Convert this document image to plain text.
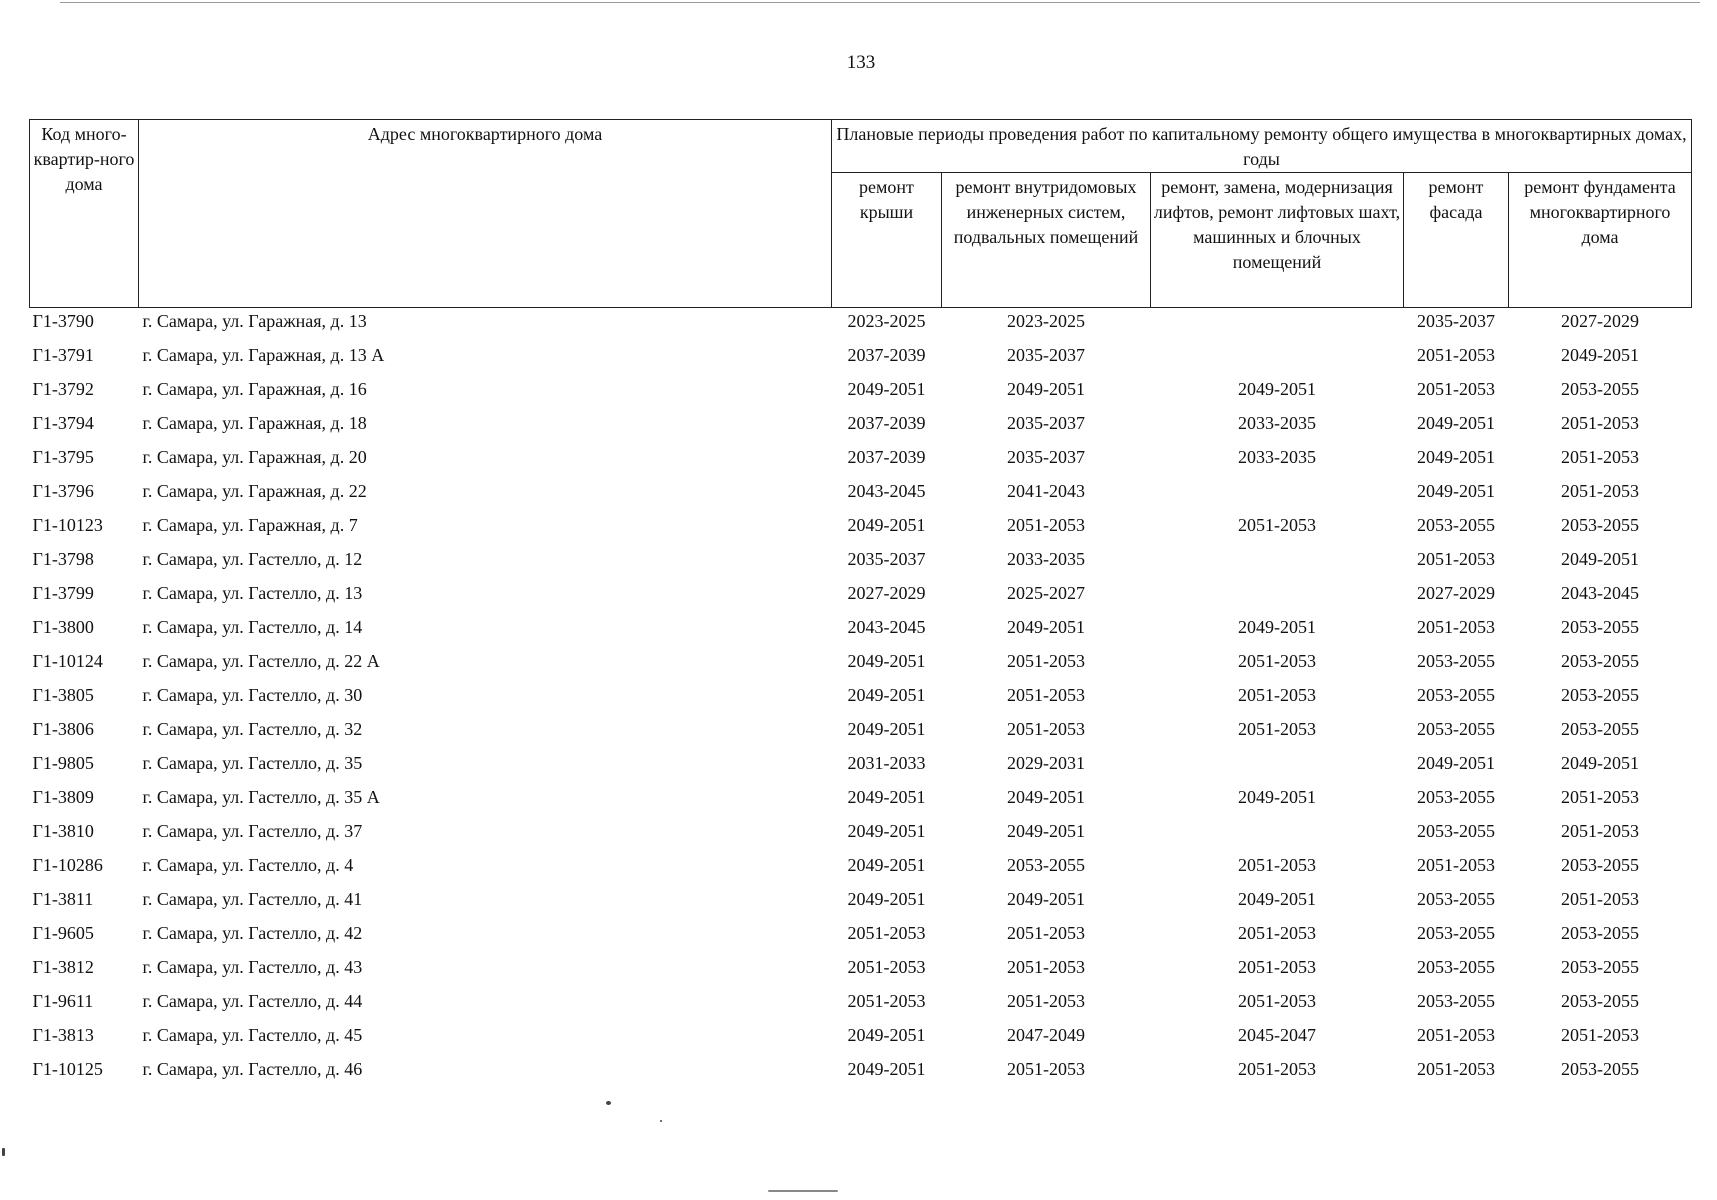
133
Код много-квартир-ного дома	Адрес многоквартирного дома	Плановые периоды проведения работ по капитальному ремонту общего имущества в многоквартирных домах, годы				
		ремонт крыши	ремонт внутридомовых инженерных систем, подвальных помещений	ремонт, замена, модернизация лифтов, ремонт лифтовых шахт, машинных и блочных помещений	ремонт фасада	ремонт фундамента многоквартирного дома
Г1-3790	г. Самара, ул. Гаражная, д. 13	2023-2025	2023-2025		2035-2037	2027-2029
Г1-3791	г. Самара, ул. Гаражная, д. 13 А	2037-2039	2035-2037		2051-2053	2049-2051
Г1-3792	г. Самара, ул. Гаражная, д. 16	2049-2051	2049-2051	2049-2051	2051-2053	2053-2055
Г1-3794	г. Самара, ул. Гаражная, д. 18	2037-2039	2035-2037	2033-2035	2049-2051	2051-2053
Г1-3795	г. Самара, ул. Гаражная, д. 20	2037-2039	2035-2037	2033-2035	2049-2051	2051-2053
Г1-3796	г. Самара, ул. Гаражная, д. 22	2043-2045	2041-2043		2049-2051	2051-2053
Г1-10123	г. Самара, ул. Гаражная, д. 7	2049-2051	2051-2053	2051-2053	2053-2055	2053-2055
Г1-3798	г. Самара, ул. Гастелло, д. 12	2035-2037	2033-2035		2051-2053	2049-2051
Г1-3799	г. Самара, ул. Гастелло, д. 13	2027-2029	2025-2027		2027-2029	2043-2045
Г1-3800	г. Самара, ул. Гастелло, д. 14	2043-2045	2049-2051	2049-2051	2051-2053	2053-2055
Г1-10124	г. Самара, ул. Гастелло, д. 22 А	2049-2051	2051-2053	2051-2053	2053-2055	2053-2055
Г1-3805	г. Самара, ул. Гастелло, д. 30	2049-2051	2051-2053	2051-2053	2053-2055	2053-2055
Г1-3806	г. Самара, ул. Гастелло, д. 32	2049-2051	2051-2053	2051-2053	2053-2055	2053-2055
Г1-9805	г. Самара, ул. Гастелло, д. 35	2031-2033	2029-2031		2049-2051	2049-2051
Г1-3809	г. Самара, ул. Гастелло, д. 35 А	2049-2051	2049-2051	2049-2051	2053-2055	2051-2053
Г1-3810	г. Самара, ул. Гастелло, д. 37	2049-2051	2049-2051		2053-2055	2051-2053
Г1-10286	г. Самара, ул. Гастелло, д. 4	2049-2051	2053-2055	2051-2053	2051-2053	2053-2055
Г1-3811	г. Самара, ул. Гастелло, д. 41	2049-2051	2049-2051	2049-2051	2053-2055	2051-2053
Г1-9605	г. Самара, ул. Гастелло, д. 42	2051-2053	2051-2053	2051-2053	2053-2055	2053-2055
Г1-3812	г. Самара, ул. Гастелло, д. 43	2051-2053	2051-2053	2051-2053	2053-2055	2053-2055
Г1-9611	г. Самара, ул. Гастелло, д. 44	2051-2053	2051-2053	2051-2053	2053-2055	2053-2055
Г1-3813	г. Самара, ул. Гастелло, д. 45	2049-2051	2047-2049	2045-2047	2051-2053	2051-2053
Г1-10125	г. Самара, ул. Гастелло, д. 46	2049-2051	2051-2053	2051-2053	2051-2053	2053-2055
